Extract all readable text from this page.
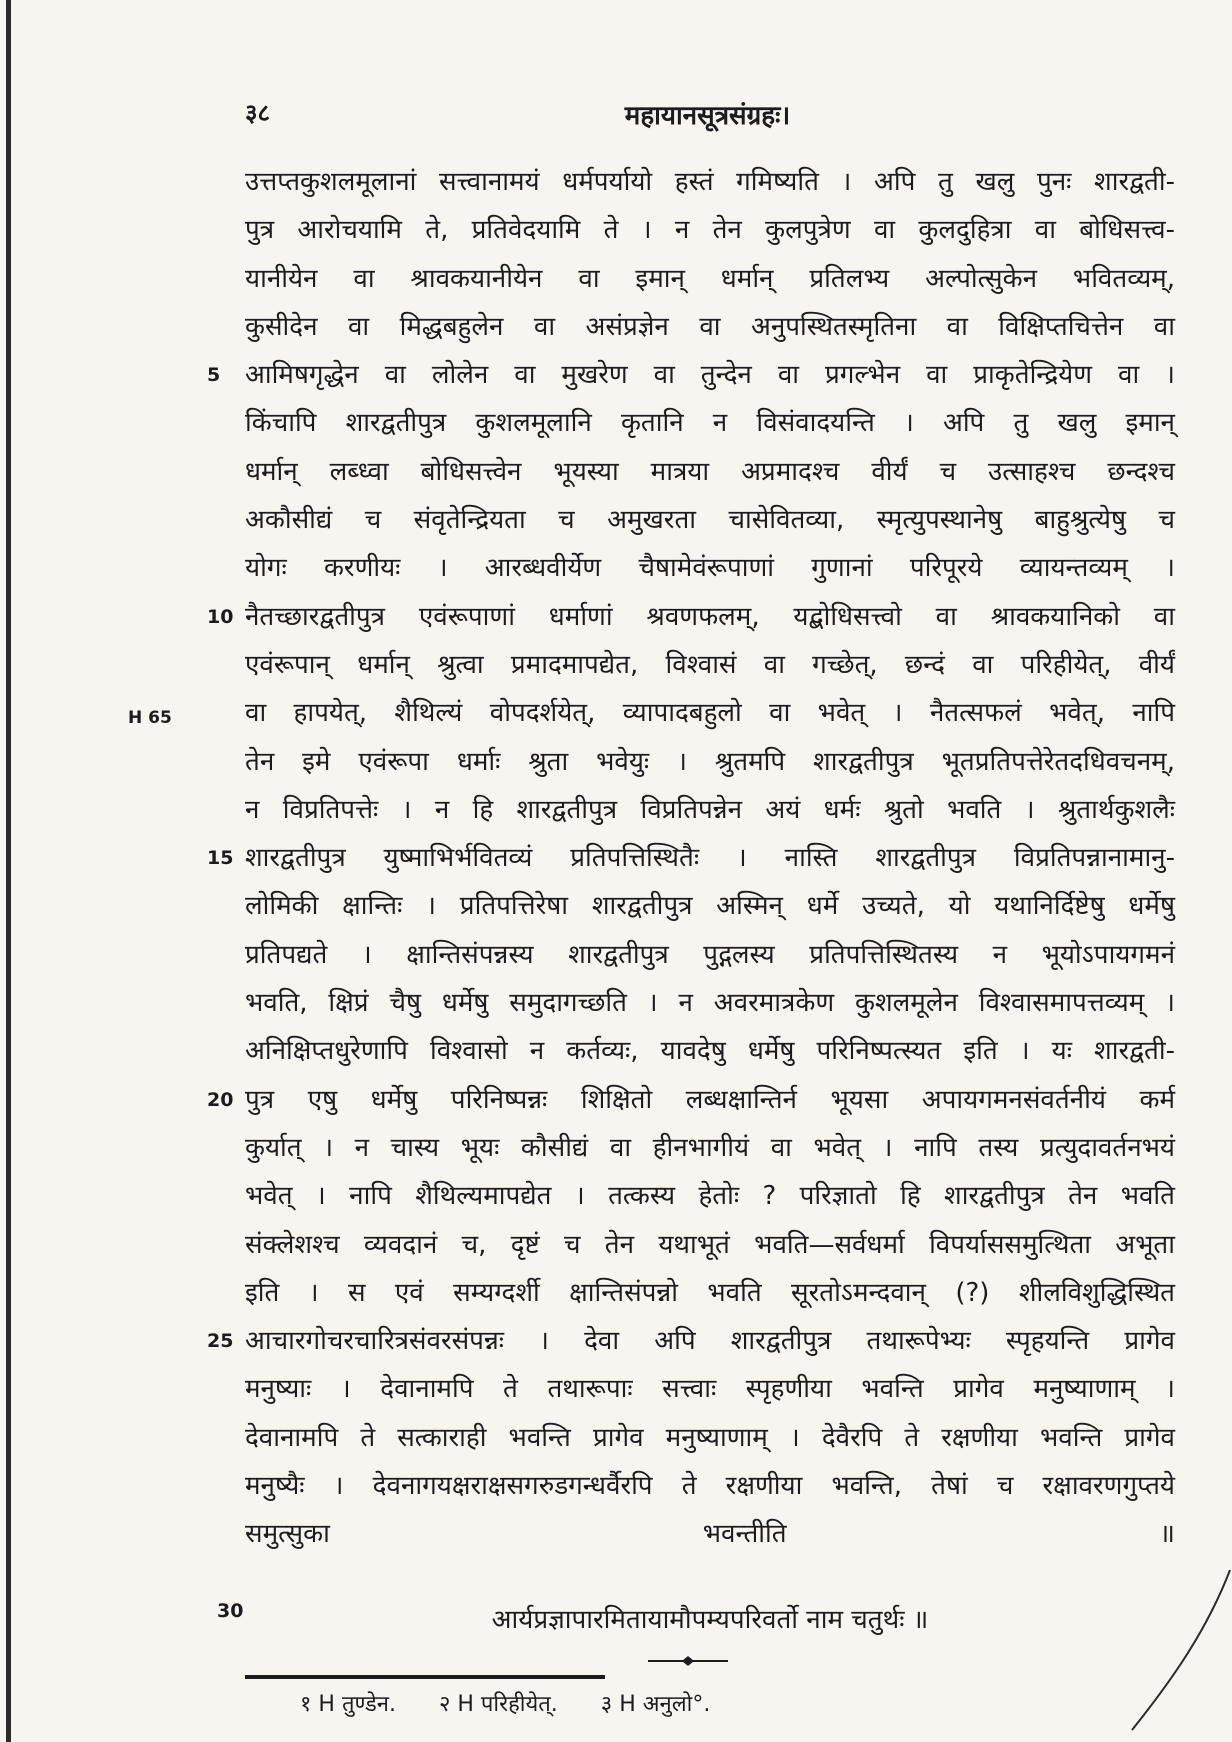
३८	महायानसूत्रसंग्रहः।
H 65
उत्तप्तकुशलमूलानां सत्त्वानामयं धर्मपर्यायो हस्तं गमिष्यति । अपि तु खलु पुनः शारद्वती-
पुत्र आरोचयामि ते, प्रतिवेदयामि ते । न तेन कुलपुत्रेण वा कुलदुहित्रा वा बोधिसत्त्व-
यानीयेन वा श्रावकयानीयेन वा इमान् धर्मान् प्रतिलभ्य अल्पोत्सुकेन भवितव्यम्,
कुसीदेन वा मिद्धबहुलेन वा असंप्रज्ञेन वा अनुपस्थितस्मृतिना वा विक्षिप्तचित्तेन वा
5 आमिषगृद्धेन वा लोलेन वा मुखरेण वा तुन्देन वा प्रगल्भेन वा प्राकृतेन्द्रियेण वा ।
किंचापि शारद्वतीपुत्र कुशलमूलानि कृतानि न विसंवादयन्ति । अपि तु खलु इमान्
धर्मान् लब्ध्वा बोधिसत्त्वेन भूयस्या मात्रया अप्रमादश्च वीर्यं च उत्साहश्च छन्दश्च
अकौसीद्यं च संवृतेन्द्रियता च अमुखरता चासेवितव्या, स्मृत्युपस्थानेषु बाहुश्रुत्येषु च
योगः करणीयः । आरब्धवीर्येण चैषामेवंरूपाणां गुणानां परिपूरये व्यायन्तव्यम् ।
10 नैतच्छारद्वतीपुत्र एवंरूपाणां धर्माणां श्रवणफलम्, यद्बोधिसत्त्वो वा श्रावकयानिको वा
एवंरूपान् धर्मान् श्रुत्वा प्रमादमापद्येत, विश्वासं वा गच्छेत्, छन्दं वा परिहीयेत्, वीर्यं
वा हापयेत्, शैथिल्यं वोपदर्शयेत्, व्यापादबहुलो वा भवेत् । नैतत्सफलं भवेत्, नापि
तेन इमे एवंरूपा धर्माः श्रुता भवेयुः । श्रुतमपि शारद्वतीपुत्र भूतप्रतिपत्तेरेतदधिवचनम्,
न विप्रतिपत्तेः । न हि शारद्वतीपुत्र विप्रतिपन्नेन अयं धर्मः श्रुतो भवति । श्रुतार्थकुशलैः
15 शारद्वतीपुत्र युष्माभिर्भवितव्यं प्रतिपत्तिस्थितैः । नास्ति शारद्वतीपुत्र विप्रतिपन्नानामानु-
लोमिकी क्षान्तिः । प्रतिपत्तिरेषा शारद्वतीपुत्र अस्मिन् धर्मे उच्यते, यो यथानिर्दिष्टेषु धर्मेषु
प्रतिपद्यते । क्षान्तिसंपन्नस्य शारद्वतीपुत्र पुद्गलस्य प्रतिपत्तिस्थितस्य न भूयोऽपायगमनं
भवति, क्षिप्रं चैषु धर्मेषु समुदागच्छति । न अवरमात्रकेण कुशलमूलेन विश्वासमापत्तव्यम् ।
अनिक्षिप्तधुरेणापि विश्वासो न कर्तव्यः, यावदेषु धर्मेषु परिनिष्पत्स्यत इति । यः शारद्वती-
20 पुत्र एषु धर्मेषु परिनिष्पन्नः शिक्षितो लब्धक्षान्तिर्न भूयसा अपायगमनसंवर्तनीयं कर्म
कुर्यात् । न चास्य भूयः कौसीद्यं वा हीनभागीयं वा भवेत् । नापि तस्य प्रत्युदावर्तनभयं
भवेत् । नापि शैथिल्यमापद्येत । तत्कस्य हेतोः ? परिज्ञातो हि शारद्वतीपुत्र तेन भवति
संक्लेशश्च व्यवदानं च, दृष्टं च तेन यथाभूतं भवति—सर्वधर्मा विपर्याससमुत्थिता अभूता
इति । स एवं सम्यग्दर्शी क्षान्तिसंपन्नो भवति सूरतोऽमन्दवान् (?) शीलविशुद्धिस्थित
25 आचारगोचरचारित्रसंवरसंपन्नः । देवा अपि शारद्वतीपुत्र तथारूपेभ्यः स्पृहयन्ति प्रागेव
मनुष्याः । देवानामपि ते तथारूपाः सत्त्वाः स्पृहणीया भवन्ति प्रागेव मनुष्याणाम् ।
देवानामपि ते सत्काराही भवन्ति प्रागेव मनुष्याणाम् । देवैरपि ते रक्षणीया भवन्ति प्रागेव
मनुष्यैः । देवनागयक्षराक्षसगरुडगन्धर्वैरपि ते रक्षणीया भवन्ति, तेषां च रक्षावरणगुप्तये
समुत्सुका भवन्तीति ॥
30	आर्यप्रज्ञापारमितायामौपम्यपरिवर्तो नाम चतुर्थः ॥
१ H तुण्डेन. २ H परिहीयेत्. ३ H अनुलो°.
